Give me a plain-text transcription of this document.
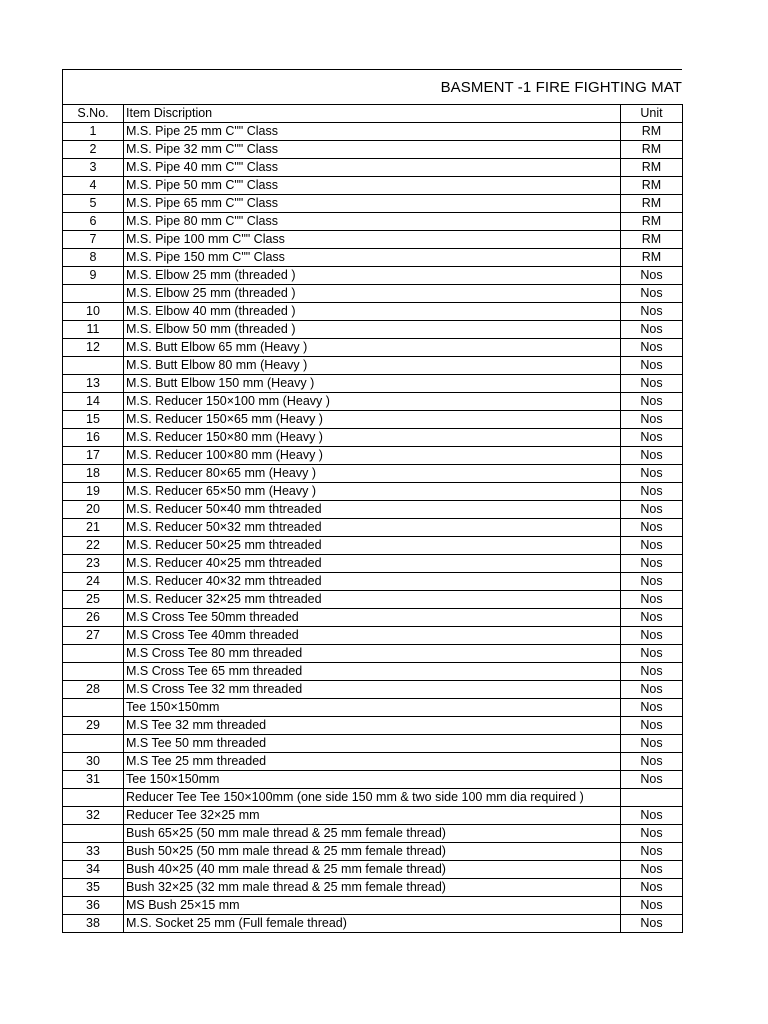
BASMENT -1 FIRE FIGHTING MAT
S.No.	Item Discription	Unit
1	M.S. Pipe 25 mm C"" Class	RM
2	M.S. Pipe 32 mm C"" Class	RM
3	M.S. Pipe 40 mm C"" Class	RM
4	M.S. Pipe 50 mm C"" Class	RM
5	M.S. Pipe 65 mm C"" Class	RM
6	M.S. Pipe 80 mm C"" Class	RM
7	M.S. Pipe 100 mm C"" Class	RM
8	M.S. Pipe 150 mm C"" Class	RM
9	M.S. Elbow 25 mm (threaded )	Nos
	M.S. Elbow 25 mm (threaded )	Nos
10	M.S. Elbow 40 mm (threaded )	Nos
11	M.S. Elbow 50 mm (threaded )	Nos
12	M.S. Butt Elbow 65 mm (Heavy )	Nos
	M.S. Butt Elbow 80 mm (Heavy )	Nos
13	M.S. Butt Elbow 150 mm (Heavy )	Nos
14	M.S. Reducer 150×100 mm (Heavy )	Nos
15	M.S. Reducer 150×65 mm (Heavy )	Nos
16	M.S. Reducer 150×80 mm (Heavy )	Nos
17	M.S. Reducer 100×80 mm (Heavy )	Nos
18	M.S. Reducer 80×65 mm (Heavy )	Nos
19	M.S. Reducer 65×50 mm (Heavy )	Nos
20	M.S. Reducer 50×40 mm thtreaded	Nos
21	M.S. Reducer 50×32 mm thtreaded	Nos
22	M.S. Reducer 50×25 mm thtreaded	Nos
23	M.S. Reducer 40×25 mm thtreaded	Nos
24	M.S. Reducer 40×32 mm thtreaded	Nos
25	M.S. Reducer 32×25 mm thtreaded	Nos
26	M.S Cross Tee 50mm threaded	Nos
27	M.S Cross Tee 40mm threaded	Nos
	M.S Cross Tee 80 mm threaded	Nos
	M.S Cross Tee 65 mm threaded	Nos
28	M.S Cross Tee 32 mm threaded	Nos
	Tee 150×150mm	Nos
29	M.S Tee 32 mm threaded	Nos
	M.S Tee 50 mm threaded	Nos
30	M.S Tee 25 mm threaded	Nos
31	Tee 150×150mm	Nos
	Reducer Tee Tee 150×100mm (one side 150 mm & two side 100 mm dia required )	
32	Reducer Tee 32×25 mm	Nos
	Bush 65×25 (50 mm male thread & 25 mm female thread)	Nos
33	Bush 50×25 (50 mm male thread & 25 mm female thread)	Nos
34	Bush 40×25 (40 mm male thread & 25 mm female thread)	Nos
35	Bush 32×25 (32 mm male thread & 25 mm female thread)	Nos
36	MS Bush 25×15 mm	Nos
38	M.S. Socket 25 mm (Full female thread)	Nos
